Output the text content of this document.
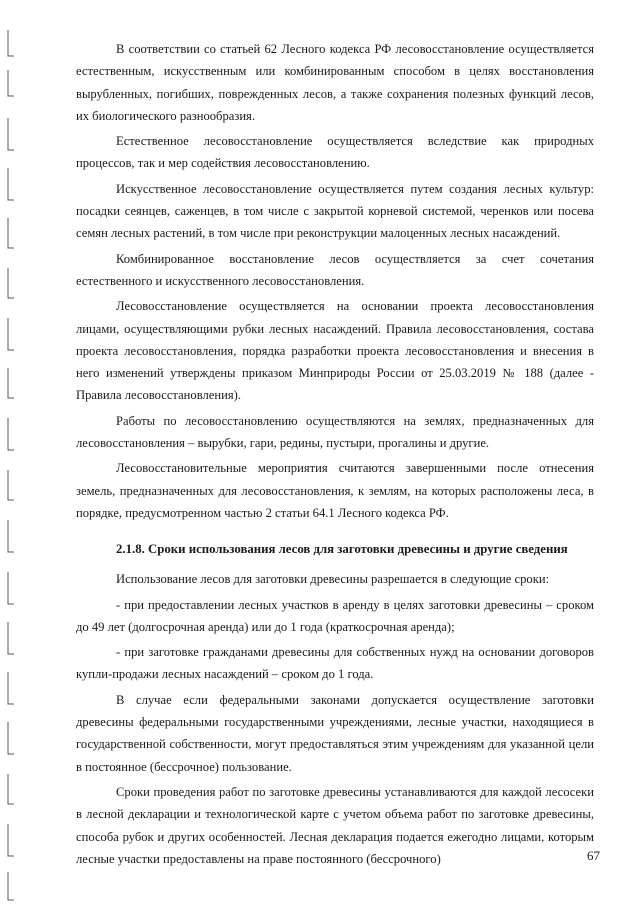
В соответствии со статьей 62 Лесного кодекса РФ лесовосстановление осуществляется естественным, искусственным или комбинированным способом в целях восстановления вырубленных, погибших, поврежденных лесов, а также сохранения полезных функций лесов, их биологического разнообразия.

Естественное лесовосстановление осуществляется вследствие как природных процессов, так и мер содействия лесовосстановлению.

Искусственное лесовосстановление осуществляется путем создания лесных культур: посадки сеянцев, саженцев, в том числе с закрытой корневой системой, черенков или посева семян лесных растений, в том числе при реконструкции малоценных лесных насаждений.

Комбинированное восстановление лесов осуществляется за счет сочетания естественного и искусственного лесовосстановления.

Лесовосстановление осуществляется на основании проекта лесовосстановления лицами, осуществляющими рубки лесных насаждений. Правила лесовосстановления, состава проекта лесовосстановления, порядка разработки проекта лесовосстановления и внесения в него изменений утверждены приказом Минприроды России от 25.03.2019 № 188 (далее - Правила лесовосстановления).

Работы по лесовосстановлению осуществляются на землях, предназначенных для лесовосстановления – вырубки, гари, редины, пустыри, прогалины и другие.

Лесовосстановительные мероприятия считаются завершенными после отнесения земель, предназначенных для лесовосстановления, к землям, на которых расположены леса, в порядке, предусмотренном частью 2 статьи 64.1 Лесного кодекса РФ.

2.1.8. Сроки использования лесов для заготовки древесины и другие сведения

Использование лесов для заготовки древесины разрешается в следующие сроки:

- при предоставлении лесных участков в аренду в целях заготовки древесины – сроком до 49 лет (долгосрочная аренда) или до 1 года (краткосрочная аренда);

- при заготовке гражданами древесины для собственных нужд на основании договоров купли-продажи лесных насаждений – сроком до 1 года.

В случае если федеральными законами допускается осуществление заготовки древесины федеральными государственными учреждениями, лесные участки, находящиеся в государственной собственности, могут предоставляться этим учреждениям для указанной цели в постоянное (бессрочное) пользование.

Сроки проведения работ по заготовке древесины устанавливаются для каждой лесосеки в лесной декларации и технологической карте с учетом объема работ по заготовке древесины, способа рубок и других особенностей. Лесная декларация подается ежегодно лицами, которым лесные участки предоставлены на праве постоянного (бессрочного)	67
